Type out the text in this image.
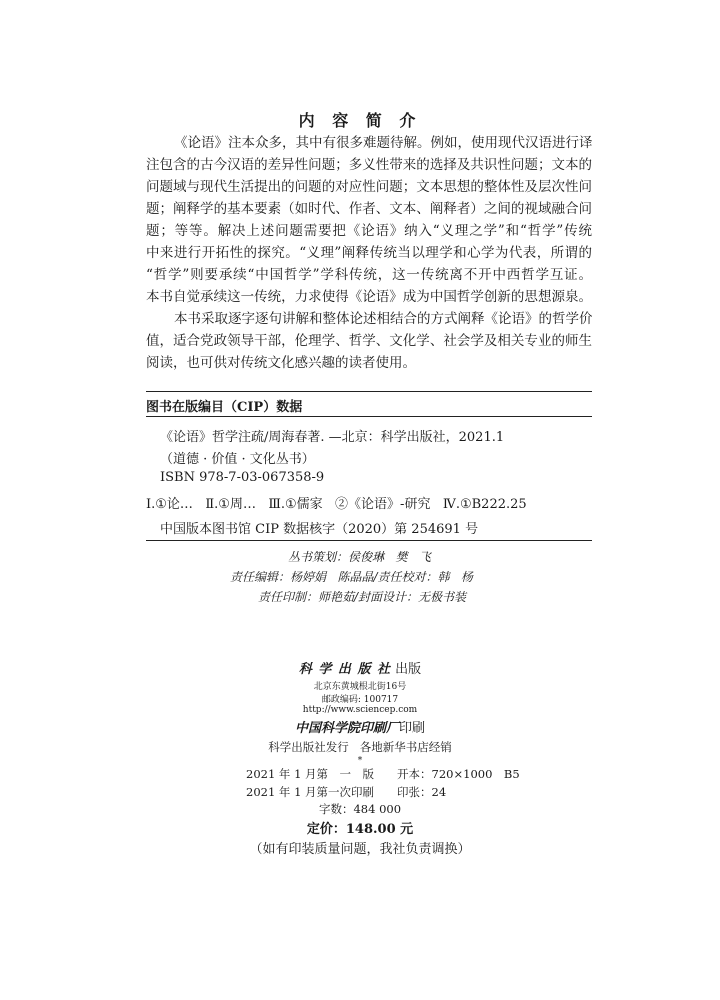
内 容 简 介
《论语》注本众多，其中有很多难题待解。例如，使用现代汉语进行译
注包含的古今汉语的差异性问题；多义性带来的选择及共识性问题；文本的
问题域与现代生活提出的问题的对应性问题；文本思想的整体性及层次性问
题；阐释学的基本要素（如时代、作者、文本、阐释者）之间的视域融合问
题；等等。解决上述问题需要把《论语》纳入“义理之学”和“哲学”传统
中来进行开拓性的探究。“义理”阐释传统当以理学和心学为代表，所谓的
“哲学”则要承续“中国哲学”学科传统，这一传统离不开中西哲学互证。
本书自觉承续这一传统，力求使得《论语》成为中国哲学创新的思想源泉。
本书采取逐字逐句讲解和整体论述相结合的方式阐释《论语》的哲学价
值，适合党政领导干部，伦理学、哲学、文化学、社会学及相关专业的师生
阅读，也可供对传统文化感兴趣的读者使用。
图书在版编目（CIP）数据
《论语》哲学注疏/周海春著. —北京：科学出版社，2021.1
（道德 · 价值 · 文化丛书）
ISBN 978-7-03-067358-9
Ⅰ.①论…   Ⅱ.①周…   Ⅲ.①儒家   ②《论语》-研究   Ⅳ.①B222.25
中国版本图书馆 CIP 数据核字（2020）第 254691 号
丛书策划：侯俊琳   樊   飞
责任编辑：杨婷娟   陈晶晶/责任校对：韩   杨
责任印制：师艳茹/封面设计：无极书装
科 学 出 版 社 出版
北京东黄城根北街16号
邮政编码: 100717
http://www.sciencep.com
中国科学院印刷厂印刷
科学出版社发行   各地新华书店经销
*
2021 年 1 月第　一　版　　开本：720×1000　B5
2021 年 1 月第一次印刷　　印张：24
字数：484 000
定价：148.00 元
（如有印装质量问题，我社负责调换）
